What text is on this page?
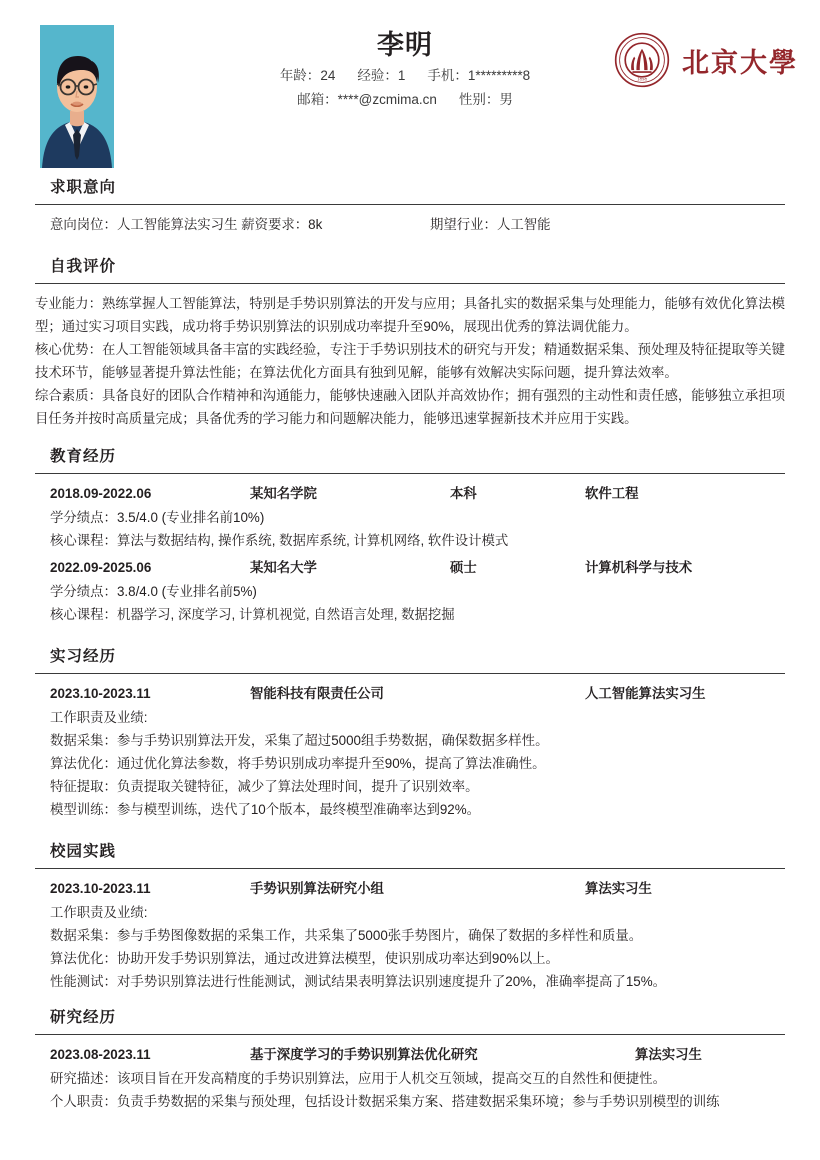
李明
年龄：24 经验：1 手机：1*********8
邮箱：****@zcmima.cn 性别：男
1898
北京大學
求职意向
意向岗位：人工智能算法实习生 薪资要求：8k	期望行业：人工智能
自我评价

专业能力：熟练掌握人工智能算法，特别是手势识别算法的开发与应用；具备扎实的数据采集与处理能力，能够有效优化算法模型；通过实习项目实践，成功将手势识别算法的识别成功率提升至90%，展现出优秀的算法调优能力。

核心优势：在人工智能领域具备丰富的实践经验，专注于手势识别技术的研究与开发；精通数据采集、预处理及特征提取等关键技术环节，能够显著提升算法性能；在算法优化方面具有独到见解，能够有效解决实际问题，提升算法效率。

综合素质：具备良好的团队合作精神和沟通能力，能够快速融入团队并高效协作；拥有强烈的主动性和责任感，能够独立承担项目任务并按时高质量完成；具备优秀的学习能力和问题解决能力，能够迅速掌握新技术并应用于实践。

教育经历
2018.09-2022.06	某知名学院	本科	软件工程
学分绩点：3.5/4.0 (专业排名前10%)
核心课程：算法与数据结构, 操作系统, 数据库系统, 计算机网络, 软件设计模式
2022.09-2025.06	某知名大学	硕士	计算机科学与技术
学分绩点：3.8/4.0 (专业排名前5%)
核心课程：机器学习, 深度学习, 计算机视觉, 自然语言处理, 数据挖掘
实习经历
2023.10-2023.11	智能科技有限责任公司	人工智能算法实习生
工作职责及业绩:
数据采集：参与手势识别算法开发，采集了超过5000组手势数据，确保数据多样性。
算法优化：通过优化算法参数，将手势识别成功率提升至90%，提高了算法准确性。
特征提取：负责提取关键特征，减少了算法处理时间，提升了识别效率。
模型训练：参与模型训练，迭代了10个版本，最终模型准确率达到92%。
校园实践
2023.10-2023.11	手势识别算法研究小组	算法实习生
工作职责及业绩:
数据采集：参与手势图像数据的采集工作，共采集了5000张手势图片，确保了数据的多样性和质量。
算法优化：协助开发手势识别算法，通过改进算法模型，使识别成功率达到90%以上。
性能测试：对手势识别算法进行性能测试，测试结果表明算法识别速度提升了20%，准确率提高了15%。
研究经历
2023.08-2023.11	基于深度学习的手势识别算法优化研究	算法实习生
研究描述：该项目旨在开发高精度的手势识别算法，应用于人机交互领域，提高交互的自然性和便捷性。
个人职责：负责手势数据的采集与预处理，包括设计数据采集方案、搭建数据采集环境；参与手势识别模型的训练
